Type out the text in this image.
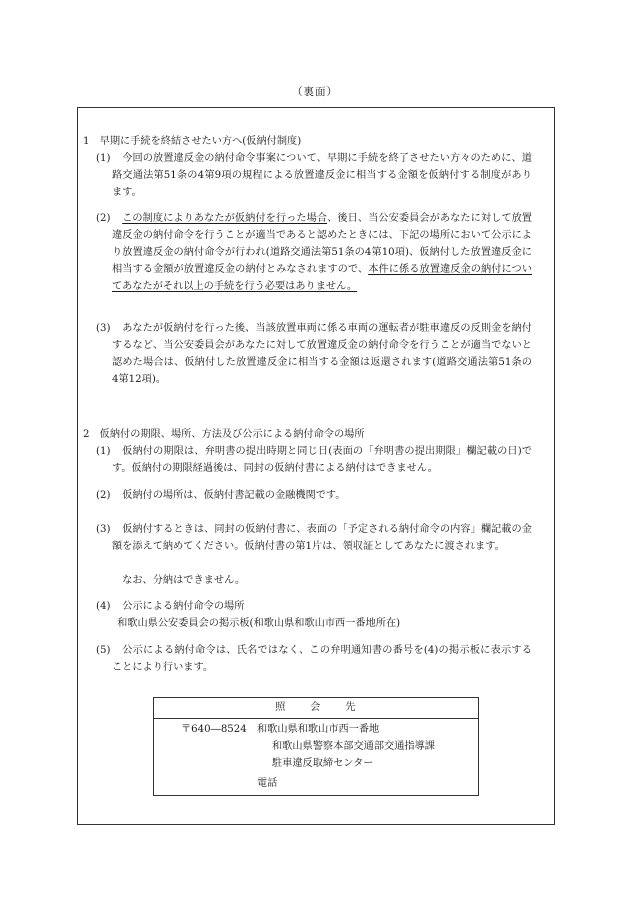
（裏面）
1　早期に手続を終結させたい方へ(仮納付制度)
(1)	今回の放置違反金の納付命令事案について、早期に手続を終了させたい方々のために、道路交通法第51条の4第9項の規程による放置違反金に相当する金額を仮納付する制度があります。
(2)	この制度によりあなたが仮納付を行った場合、後日、当公安委員会があなたに対して放置違反金の納付命令を行うことが適当であると認めたときには、下記の場所において公示により放置違反金の納付命令が行われ(道路交通法第51条の4第10項)、仮納付した放置違反金に相当する金額が放置違反金の納付とみなされますので、本件に係る放置違反金の納付についてあなたがそれ以上の手続を行う必要はありません。
(3)	あなたが仮納付を行った後、当該放置車両に係る車両の運転者が駐車違反の反則金を納付するなど、当公安委員会があなたに対して放置違反金の納付命令を行うことが適当でないと認めた場合は、仮納付した放置違反金に相当する金額は返還されます(道路交通法第51条の4第12項)。
2　仮納付の期限、場所、方法及び公示による納付命令の場所
(1)	仮納付の期限は、弁明書の提出時期と同じ日(表面の「弁明書の提出期限」欄記載の日)です。仮納付の期限経過後は、同封の仮納付書による納付はできません。
(2)	仮納付の場所は、仮納付書記載の金融機関です。
(3)	仮納付するときは、同封の仮納付書に、表面の「予定される納付命令の内容」欄記載の金額を添えて納めてください。仮納付書の第1片は、領収証としてあなたに渡されます。
なお、分納はできません。
(4)	公示による納付命令の場所
和歌山県公安委員会の掲示板(和歌山県和歌山市西一番地所在)
(5)	公示による納付命令は、氏名ではなく、この弁明通知書の番号を(4)の掲示板に表示することにより行います。
照　　会　　先
〒640―8524 和歌山県和歌山市西一番地
和歌山県警察本部交通部交通指導課
駐車違反取締センター
電話
